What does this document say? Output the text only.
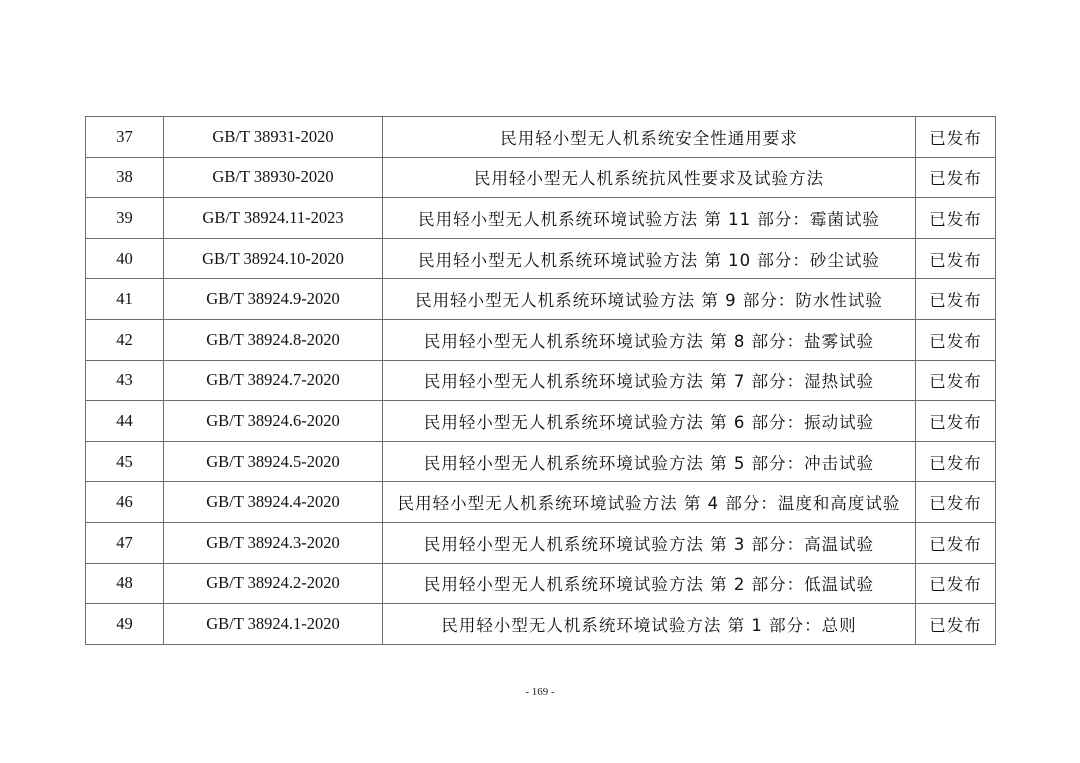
37	GB/T 38931-2020	民用轻小型无人机系统安全性通用要求	已发布
38	GB/T 38930-2020	民用轻小型无人机系统抗风性要求及试验方法	已发布
39	GB/T 38924.11-2023	民用轻小型无人机系统环境试验方法 第 11 部分：霉菌试验	已发布
40	GB/T 38924.10-2020	民用轻小型无人机系统环境试验方法 第 10 部分：砂尘试验	已发布
41	GB/T 38924.9-2020	民用轻小型无人机系统环境试验方法 第 9 部分：防水性试验	已发布
42	GB/T 38924.8-2020	民用轻小型无人机系统环境试验方法 第 8 部分：盐雾试验	已发布
43	GB/T 38924.7-2020	民用轻小型无人机系统环境试验方法 第 7 部分：湿热试验	已发布
44	GB/T 38924.6-2020	民用轻小型无人机系统环境试验方法 第 6 部分：振动试验	已发布
45	GB/T 38924.5-2020	民用轻小型无人机系统环境试验方法 第 5 部分：冲击试验	已发布
46	GB/T 38924.4-2020	民用轻小型无人机系统环境试验方法 第 4 部分：温度和高度试验	已发布
47	GB/T 38924.3-2020	民用轻小型无人机系统环境试验方法 第 3 部分：高温试验	已发布
48	GB/T 38924.2-2020	民用轻小型无人机系统环境试验方法 第 2 部分：低温试验	已发布
49	GB/T 38924.1-2020	民用轻小型无人机系统环境试验方法 第 1 部分：总则	已发布
- 169 -
